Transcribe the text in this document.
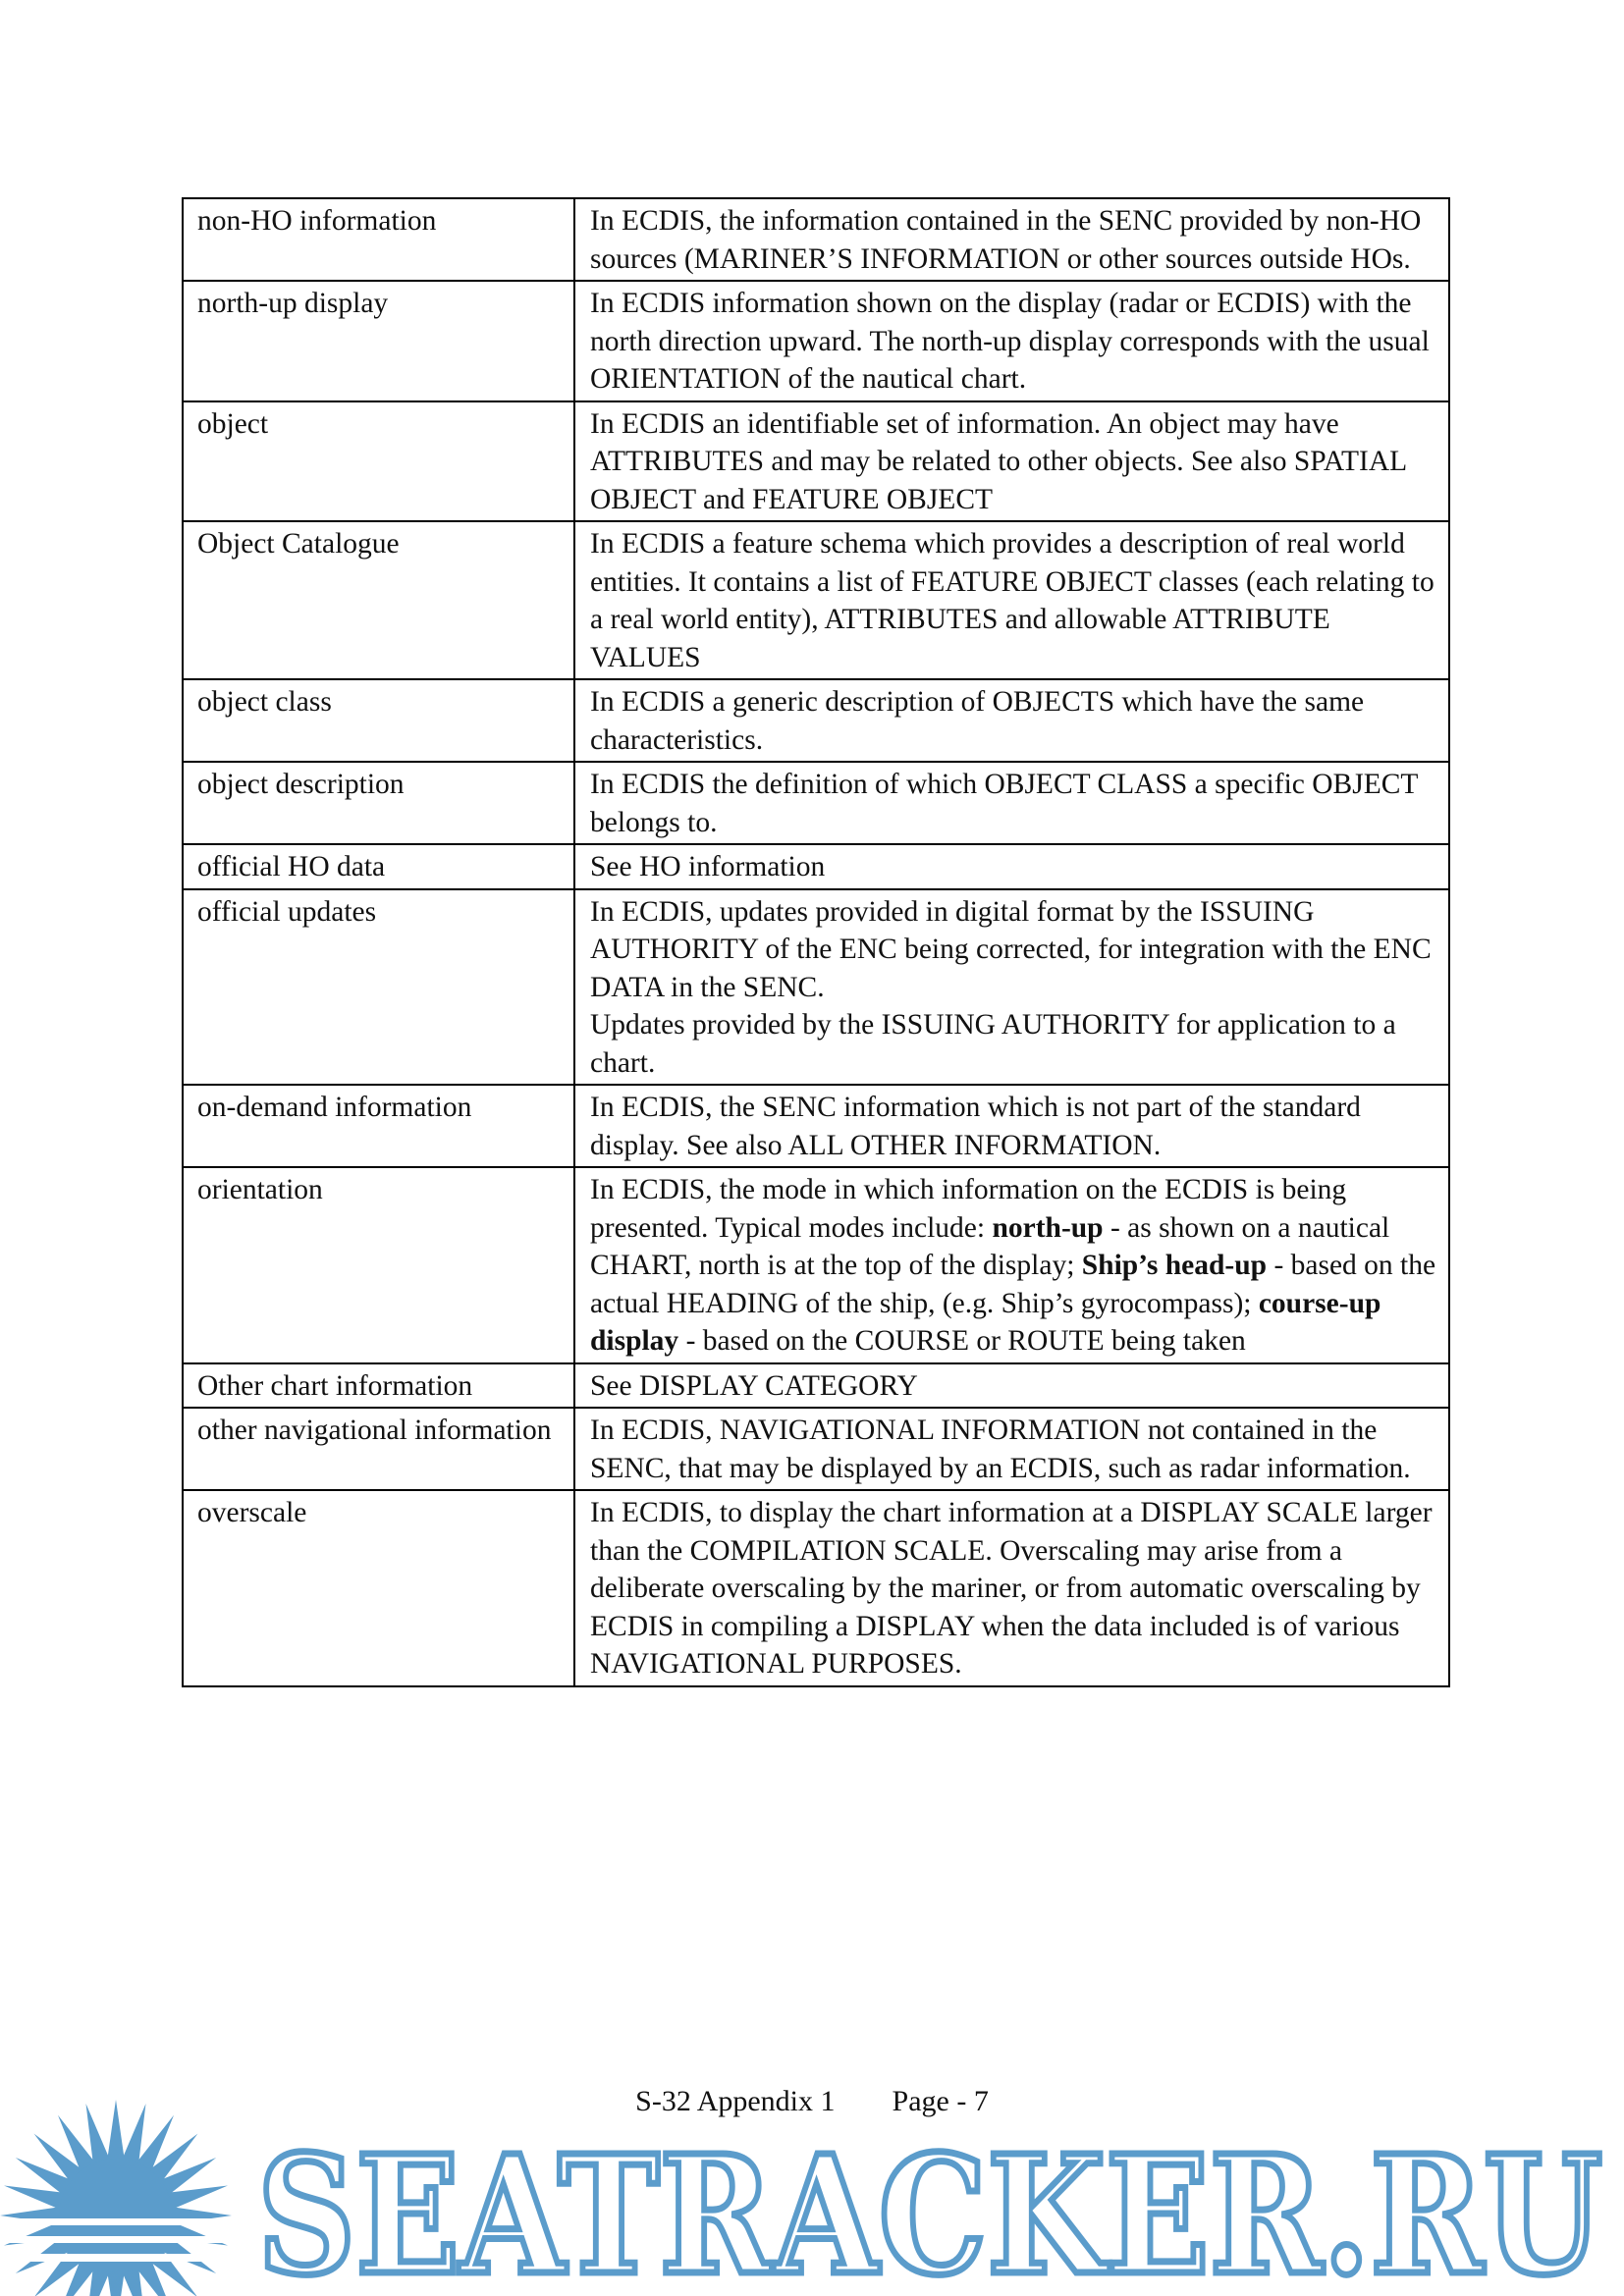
non-HO information	In ECDIS, the information contained in the SENC provided by non-HO sources (MARINER’S INFORMATION or other sources outside HOs.
north-up display	In ECDIS information shown on the display (radar or ECDIS) with the north direction upward. The north-up display corresponds with the usual ORIENTATION of the nautical chart.
object	In ECDIS an identifiable set of information. An object may have ATTRIBUTES and may be related to other objects. See also SPATIAL OBJECT and FEATURE OBJECT
Object Catalogue	In ECDIS a feature schema which provides a description of real world entities. It contains a list of FEATURE OBJECT classes (each relating to a real world entity), ATTRIBUTES and allowable ATTRIBUTE VALUES
object class	In ECDIS a generic description of OBJECTS which have the same characteristics.
object description	In ECDIS the definition of which OBJECT CLASS a specific OBJECT belongs to.
official HO data	See HO information
official updates	In ECDIS, updates provided in digital format by the ISSUING AUTHORITY of the ENC being corrected, for integration with the ENC DATA in the SENC.
Updates provided by the ISSUING AUTHORITY for application to a chart.
on-demand information	In ECDIS, the SENC information which is not part of the standard display. See also ALL OTHER INFORMATION.
orientation	In ECDIS, the mode in which information on the ECDIS is being presented. Typical modes include: north-up - as shown on a nautical CHART, north is at the top of the display; Ship’s head-up - based on the actual HEADING of the ship, (e.g. Ship’s gyrocompass); course-up display - based on the COURSE or ROUTE being taken
Other chart information	See DISPLAY CATEGORY
other navigational information	In ECDIS, NAVIGATIONAL INFORMATION not contained in the SENC, that may be displayed by an ECDIS, such as radar information.
overscale	In ECDIS, to display the chart information at a DISPLAY SCALE larger than the COMPILATION SCALE. Overscaling may arise from a deliberate overscaling by the mariner, or from automatic overscaling by ECDIS in compiling a DISPLAY when the data included is of various NAVIGATIONAL PURPOSES.
S-32 Appendix 1 Page - 7
SEATRACKER.RU
